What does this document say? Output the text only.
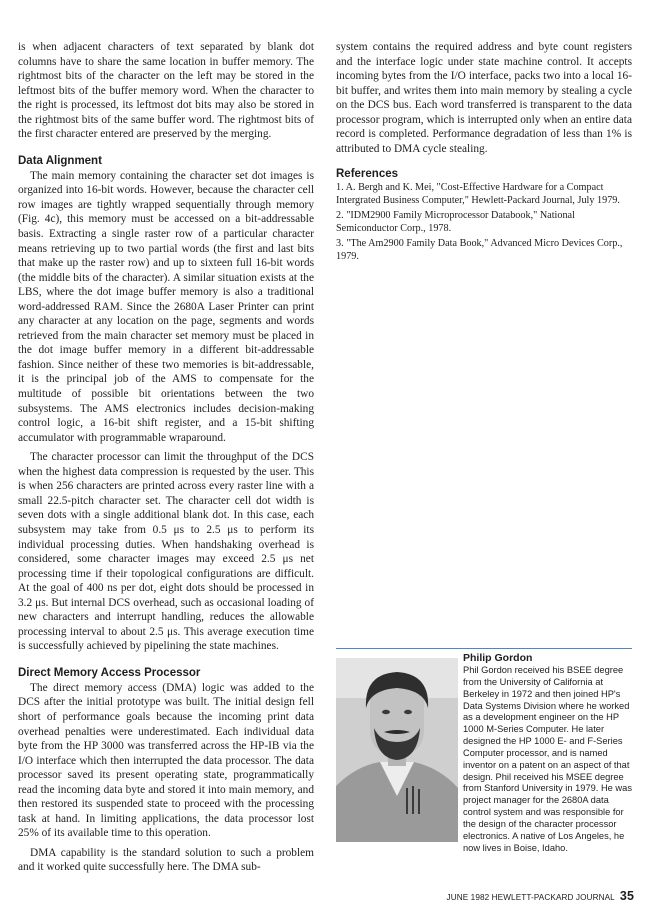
is when adjacent characters of text separated by blank dot columns have to share the same location in buffer memory. The rightmost bits of the character on the left may be stored in the leftmost bits of the buffer memory word. When the character to the right is processed, its leftmost dot bits may also be stored in the rightmost bits of the same buffer word. The rightmost bits of the first character entered are preserved by the merging.

Data Alignment

The main memory containing the character set dot images is organized into 16-bit words. However, because the character cell row images are tightly wrapped sequentially through memory (Fig. 4c), this memory must be accessed on a bit-addressable basis. Extracting a single raster row of a particular character means retrieving up to two partial words (the first and last bits that make up the raster row) and up to sixteen full 16-bit words (the middle bits of the character). A similar situation exists at the LBS, where the dot image buffer memory is also a traditional word-addressed RAM. Since the 2680A Laser Printer can print any character at any location on the page, segments and words retrieved from the main character set memory must be placed in the dot image buffer memory in a different bit-addressable fashion. Since neither of these two memories is bit-addressable, it is the principal job of the AMS to compensate for the multitude of possible bit orientations between the two subsystems. The AMS electronics includes decision-making control logic, a 16-bit shift register, and a 15-bit shifting accumulator with programmable wraparound.

The character processor can limit the throughput of the DCS when the highest data compression is requested by the user. This is when 256 characters are printed across every raster line with a small 22.5-pitch character set. The character cell dot width is seven dots with a single additional blank dot. In this case, each subsystem may take from 0.5 μs to 2.5 μs to perform its individual processing duties. When handshaking overhead is considered, some character images may exceed 2.5 μs net processing time if their topological configurations are difficult. At the goal of 400 ns per dot, eight dots should be processed in 3.2 μs. But internal DCS overhead, such as occasional loading of new characters and interrupt handling, reduces the allowable processing interval to about 2.5 μs. This average execution time is successfully achieved by pipelining the state machines.

Direct Memory Access Processor

The direct memory access (DMA) logic was added to the DCS after the initial prototype was built. The initial design fell short of performance goals because the incoming print data overhead penalties were underestimated. Each individual data byte from the HP 3000 was transferred across the HP-IB via the I/O interface which then interrupted the data processor. The data processor saved its present operating state, programmatically read the incoming data byte and stored it into main memory, and then restored its suspended state to proceed with the processing task at hand. In limiting applications, the data processor lost 25% of its available time to this operation.

DMA capability is the standard solution to such a problem and it worked quite successfully here. The DMA sub-

system contains the required address and byte count registers and the interface logic under state machine control. It accepts incoming bytes from the I/O interface, packs two into a local 16-bit buffer, and writes them into main memory by stealing a cycle on the DCS bus. Each word transferred is transparent to the data processor program, which is interrupted only when an entire data record is completed. Performance degradation of less than 1% is attributed to DMA cycle stealing.

References

1. A. Bergh and K. Mei, "Cost-Effective Hardware for a Compact Intergrated Business Computer," Hewlett-Packard Journal, July 1979.

2. "IDM2900 Family Microprocessor Databook," National Semiconductor Corp., 1978.

3. "The Am2900 Family Data Book," Advanced Micro Devices Corp., 1979.

Philip Gordon

Phil Gordon received his BSEE degree from the University of California at Berkeley in 1972 and then joined HP's Data Systems Division where he worked as a development engineer on the HP 1000 M-Series Computer. He later designed the HP 1000 E- and F-Series Computer processor, and is named inventor on a patent on an aspect of that design. Phil received his MSEE degree from Stanford University in 1979. He was project manager for the 2680A data control system and was responsible for the design of the character processor electronics. A native of Los Angeles, he now lives in Boise, Idaho.

JUNE 1982 HEWLETT-PACKARD JOURNAL 35
